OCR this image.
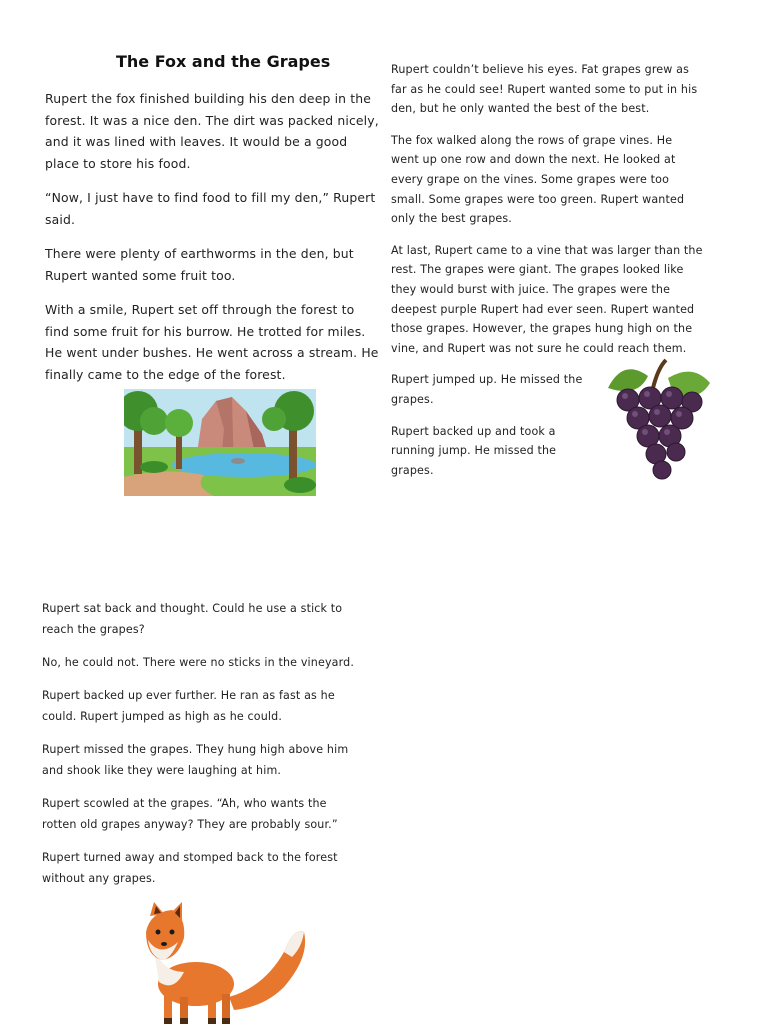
The Fox and the Grapes

Rupert the fox finished building his den deep in the forest. It was a nice den. The dirt was packed nicely, and it was lined with leaves. It would be a good place to store his food.

“Now, I just have to find food to fill my den,” Rupert said.

There were plenty of earthworms in the den, but Rupert wanted some fruit too.

With a smile, Rupert set off through the forest to find some fruit for his burrow. He trotted for miles. He went under bushes. He went across a stream. He finally came to the edge of the forest.

Rupert couldn’t believe his eyes. Fat grapes grew as far as he could see! Rupert wanted some to put in his den, but he only wanted the best of the best.

The fox walked along the rows of grape vines. He went up one row and down the next. He looked at every grape on the vines. Some grapes were too small. Some grapes were too green. Rupert wanted only the best grapes.

At last, Rupert came to a vine that was larger than the rest. The grapes were giant. The grapes looked like they would burst with juice. The grapes were the deepest purple Rupert had ever seen. Rupert wanted those grapes. However, the grapes hung high on the vine, and Rupert was not sure he could reach them.

Rupert jumped up. He missed the grapes.

Rupert backed up and took a running jump. He missed the grapes.

Rupert sat back and thought. Could he use a stick to reach the grapes?

No, he could not. There were no sticks in the vineyard.

Rupert backed up ever further. He ran as fast as he could. Rupert jumped as high as he could.

Rupert missed the grapes. They hung high above him and shook like they were laughing at him.

Rupert scowled at the grapes. “Ah, who wants the rotten old grapes anyway? They are probably sour.”

Rupert turned away and stomped back to the forest without any grapes.
